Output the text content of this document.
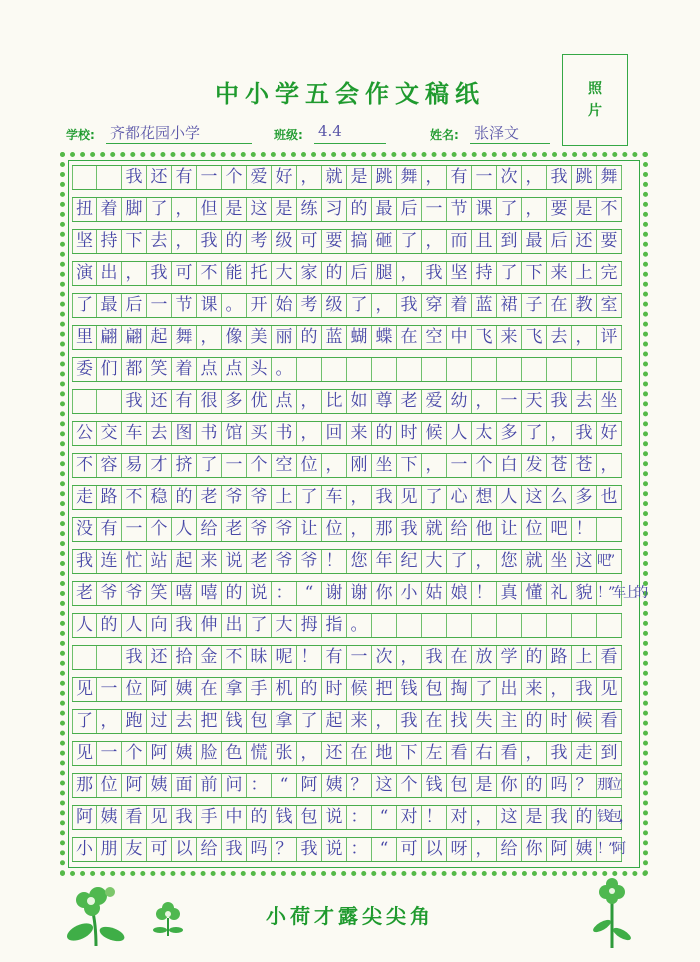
中小学五会作文稿纸	照
片
学校: 齐都花园小学	班级: 4.4	姓名: 张泽文
我 还 有 一 个 爱 好 ， 就 是 跳 舞 ， 有 一 次 ， 我 跳 舞
扭 着 脚 了 ， 但 是 这 是 练 习 的 最 后 一 节 课 了 ， 要 是 不
坚 持 下 去 ， 我 的 考 级 可 要 搞 砸 了 ， 而 且 到 最 后 还 要
演 出 ， 我 可 不 能 托 大 家 的 后 腿 ， 我 坚 持 了 下 来 上 完
了 最 后 一 节 课 。 开 始 考 级 了 ， 我 穿 着 蓝 裙 子 在 教 室
里 翩 翩 起 舞 ， 像 美 丽 的 蓝 蝴 蝶 在 空 中 飞 来 飞 去 ， 评
委 们 都 笑 着 点 点 头 。
我 还 有 很 多 优 点 ， 比 如 尊 老 爱 幼 ， 一 天 我 去 坐
公 交 车 去 图 书 馆 买 书 ， 回 来 的 时 候 人 太 多 了 ， 我 好
不 容 易 才 挤 了 一 个 空 位 ， 刚 坐 下 ， 一 个 白 发 苍 苍 ，
走 路 不 稳 的 老 爷 爷 上 了 车 ， 我 见 了 心 想 人 这 么 多 也
没 有 一 个 人 给 老 爷 爷 让 位 ， 那 我 就 给 他 让 位 吧 ！
我 连 忙 站 起 来 说 老 爷 爷 ！ 您 年 纪 大 了 ， 您 就 坐 这 吧”
老 爷 爷 笑 嘻 嘻 的 说 ： “ 谢 谢 你 小 姑 娘 ！ 真 懂 礼 貌 ！”车上的
人 的 人 向 我 伸 出 了 大 拇 指 。
我 还 拾 金 不 昧 呢 ！ 有 一 次 ， 我 在 放 学 的 路 上 看
见 一 位 阿 姨 在 拿 手 机 的 时 候 把 钱 包 掏 了 出 来 ， 我 见
了 ， 跑 过 去 把 钱 包 拿 了 起 来 ， 我 在 找 失 主 的 时 候 看
见 一 个 阿 姨 脸 色 慌 张 ， 还 在 地 下 左 看 右 看 ， 我 走 到
那 位 阿 姨 面 前 问 ： “ 阿 姨 ？ 这 个 钱 包 是 你 的 吗 ？ 那位
阿 姨 看 见 我 手 中 的 钱 包 说 ： “ 对 ！ 对 ， 这 是 我 的 钱包，
小 朋 友 可 以 给 我 吗 ？ 我 说 ： “ 可 以 呀 ， 给 你 阿 姨 ！”阿
小荷才露尖尖角
